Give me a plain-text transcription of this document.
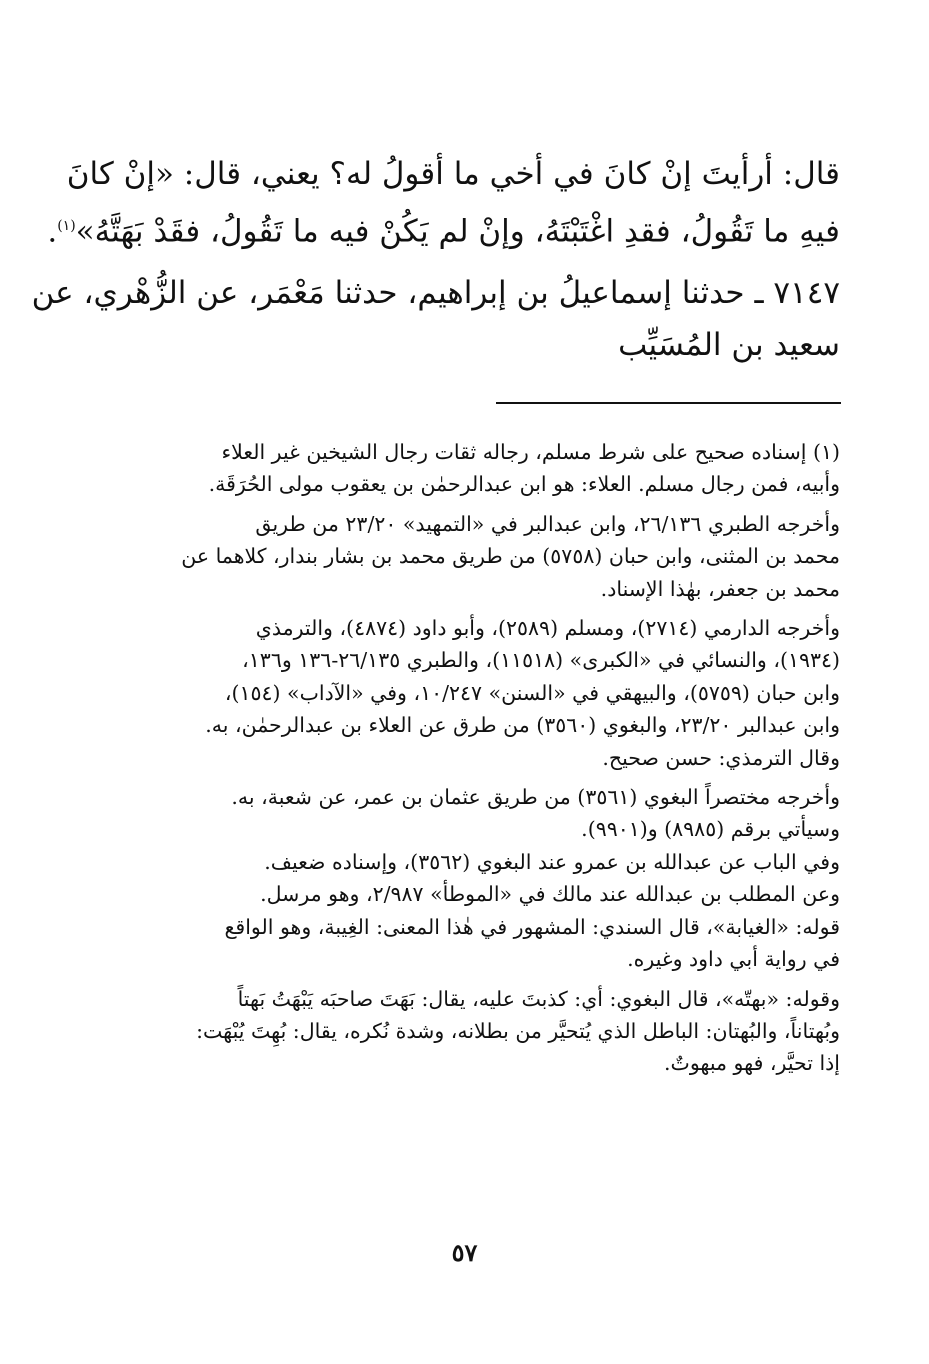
قال: أرأيتَ إنْ كانَ في أخي ما أقولُ له؟ يعني، قال: «إنْ كانَ
فيهِ ما تَقُولُ، فقدِ اغْتَبْتَهُ، وإنْ لم يَكُنْ فيه ما تَقُولُ، فقَدْ بَهَتَّهُ»$^{(١)}$.
٧١٤٧ ـ حدثنا إسماعيلُ بن إبراهيم، حدثنا مَعْمَر، عن الزُّهْري، عن
سعيد بن المُسَيِّب
(١) إسناده صحيح على شرط مسلم، رجاله ثقات رجال الشيخين غير العلاء
وأبيه، فمن رجال مسلم. العلاء: هو ابن عبدالرحمٰن بن يعقوب مولى الحُرَقَة.
وأخرجه الطبري ٢٦/١٣٦، وابن عبدالبر في «التمهيد» ٢٣/٢٠ من طريق
محمد بن المثنى، وابن حبان (٥٧٥٨) من طريق محمد بن بشار بندار، كلاهما عن
محمد بن جعفر، بهٰذا الإسناد.
وأخرجه الدارمي (٢٧١٤)، ومسلم (٢٥٨٩)، وأبو داود (٤٨٧٤)، والترمذي
(١٩٣٤)، والنسائي في «الكبرى» (١١٥١٨)، والطبري ٢٦/١٣٥-١٣٦ و١٣٦،
وابن حبان (٥٧٥٩)، والبيهقي في «السنن» ١٠/٢٤٧، وفي «الآداب» (١٥٤)،
وابن عبدالبر ٢٣/٢٠، والبغوي (٣٥٦٠) من طرق عن العلاء بن عبدالرحمٰن، به.
وقال الترمذي: حسن صحيح.
وأخرجه مختصراً البغوي (٣٥٦١) من طريق عثمان بن عمر، عن شعبة، به.
وسيأتي برقم (٨٩٨٥) و(٩٩٠١).
وفي الباب عن عبدالله بن عمرو عند البغوي (٣٥٦٢)، وإسناده ضعيف.
وعن المطلب بن عبدالله عند مالك في «الموطأ» ٢/٩٨٧، وهو مرسل.
قوله: «الغيابة»، قال السندي: المشهور في هٰذا المعنى: الغِيبة، وهو الواقع
في رواية أبي داود وغيره.
وقوله: «بهتّه»، قال البغوي: أي: كذبتَ عليه، يقال: بَهَتَ صاحبَه يَبْهَتُ بَهتاً
وبُهتاناً، والبُهتان: الباطل الذي يُتحيَّر من بطلانه، وشدة نُكره، يقال: بُهِتَ يُبْهَت:
إذا تحيَّر، فهو مبهوتٌ.
٥٧
